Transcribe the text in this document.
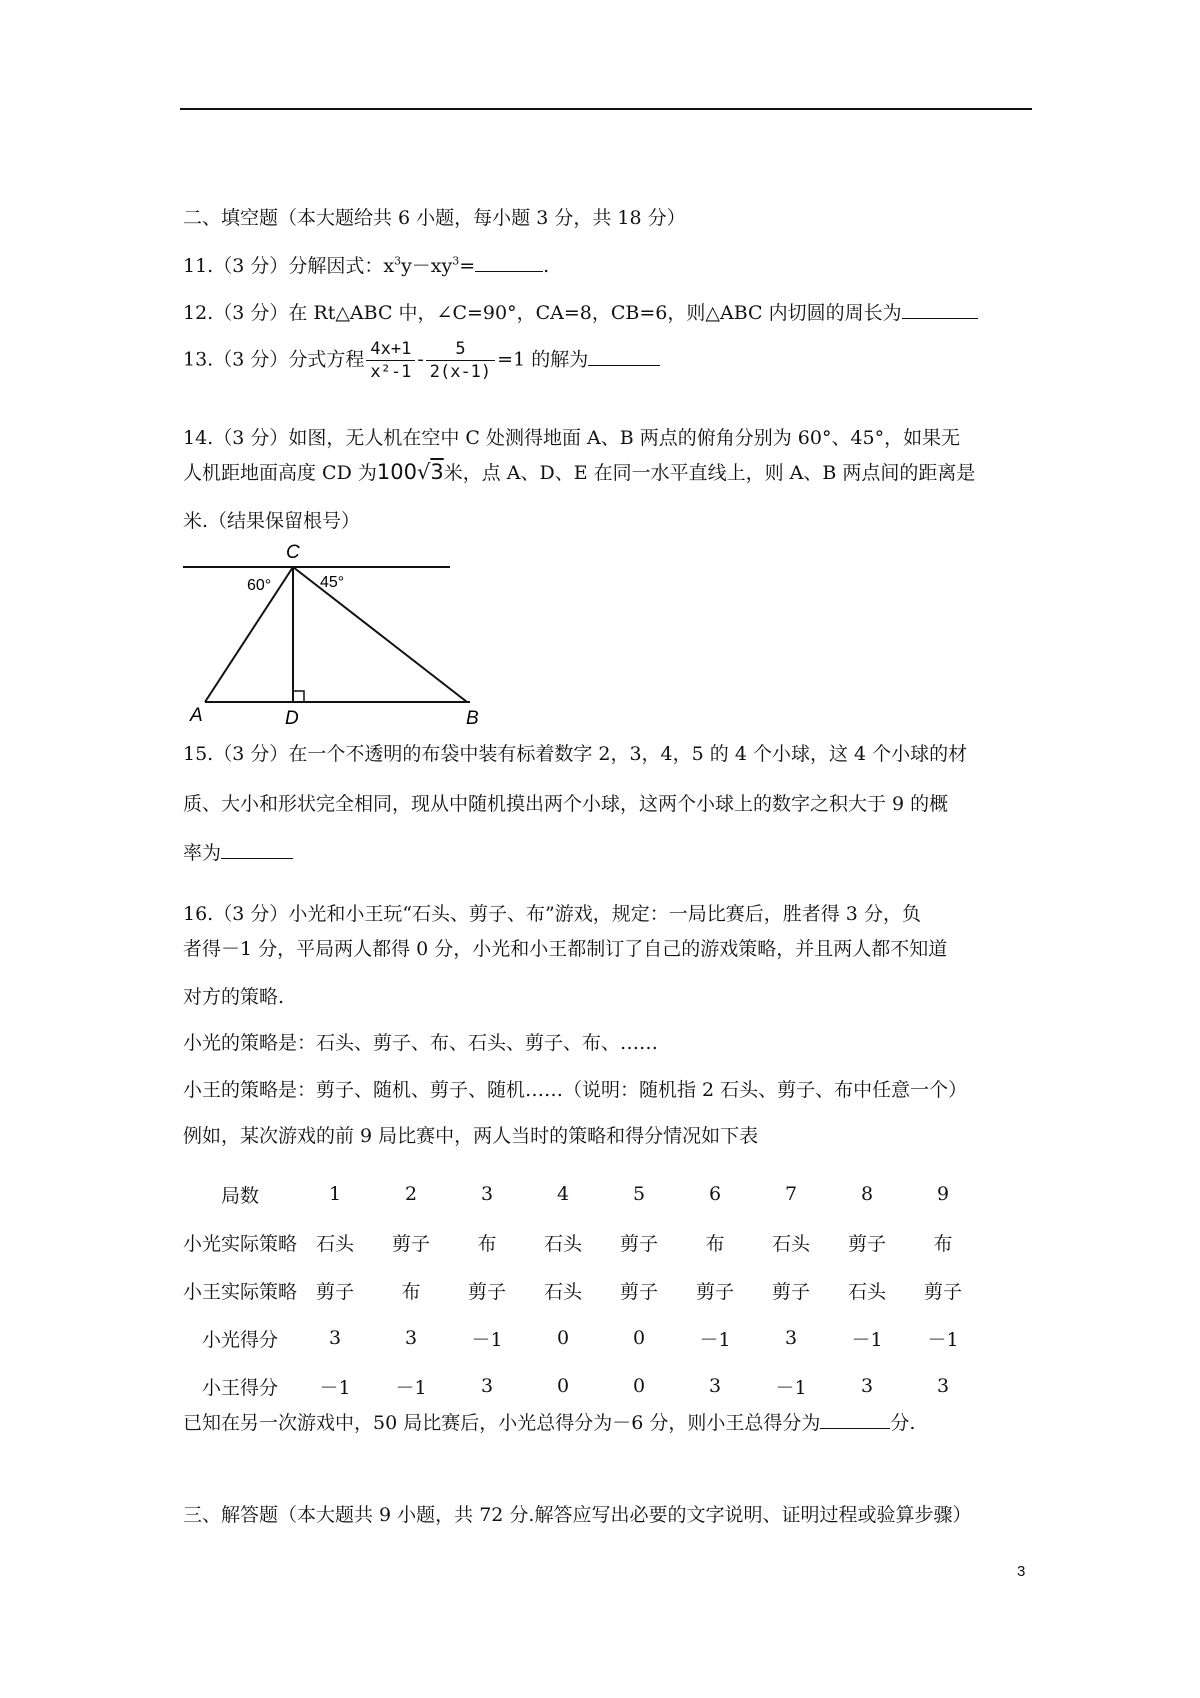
二、填空题（本大题给共 6 小题，每小题 3 分，共 18 分）
11.（3 分）分解因式：$x^3y-xy^3=$	.
12.（3 分）在 Rt△ABC 中，∠C=90°，CA=8，CB=6，则△ABC 内切圆的周长为
13.（3 分）分式方程 $\frac{4x+1}{\text{x²-1}} - \frac{5}{2(x-1)} =1$ 的解为
14.（3 分）如图，无人机在空中 C 处测得地面 A、B 两点的俯角分别为 60°、45°，如果无
人机距地面高度 CD 为100√3米，点 A、D、E 在同一水平直线上，则 A、B 两点间的距离是
米.（结果保留根号）
C
A	D	B
60°	45°
15.（3 分）在一个不透明的布袋中装有标着数字 2，3，4，5 的 4 个小球，这 4 个小球的材
质、大小和形状完全相同，现从中随机摸出两个小球，这两个小球上的数字之积大于 9 的概
率为
16.（3 分）小光和小王玩“石头、剪子、布”游戏，规定：一局比赛后，胜者得 3 分，负
者得－1 分，平局两人都得 0 分，小光和小王都制订了自己的游戏策略，并且两人都不知道
对方的策略.
小光的策略是：石头、剪子、布、石头、剪子、布、……
小王的策略是：剪子、随机、剪子、随机……（说明：随机指 2 石头、剪子、布中任意一个）
例如，某次游戏的前 9 局比赛中，两人当时的策略和得分情况如下表
局数	1	2	3	4	5	6	7	8	9
小光实际策略	石头	剪子	布	石头	剪子	布	石头	剪子	布
小王实际策略	剪子	布	剪子	石头	剪子	剪子	剪子	石头	剪子
小光得分	3	3	－1	0	0	－1	3	－1	－1
小王得分	－1	－1	3	0	0	3	－1	3	3
已知在另一次游戏中，50 局比赛后，小光总得分为－6 分，则小王总得分为	分.
三、解答题（本大题共 9 小题，共 72 分.解答应写出必要的文字说明、证明过程或验算步骤）
3
